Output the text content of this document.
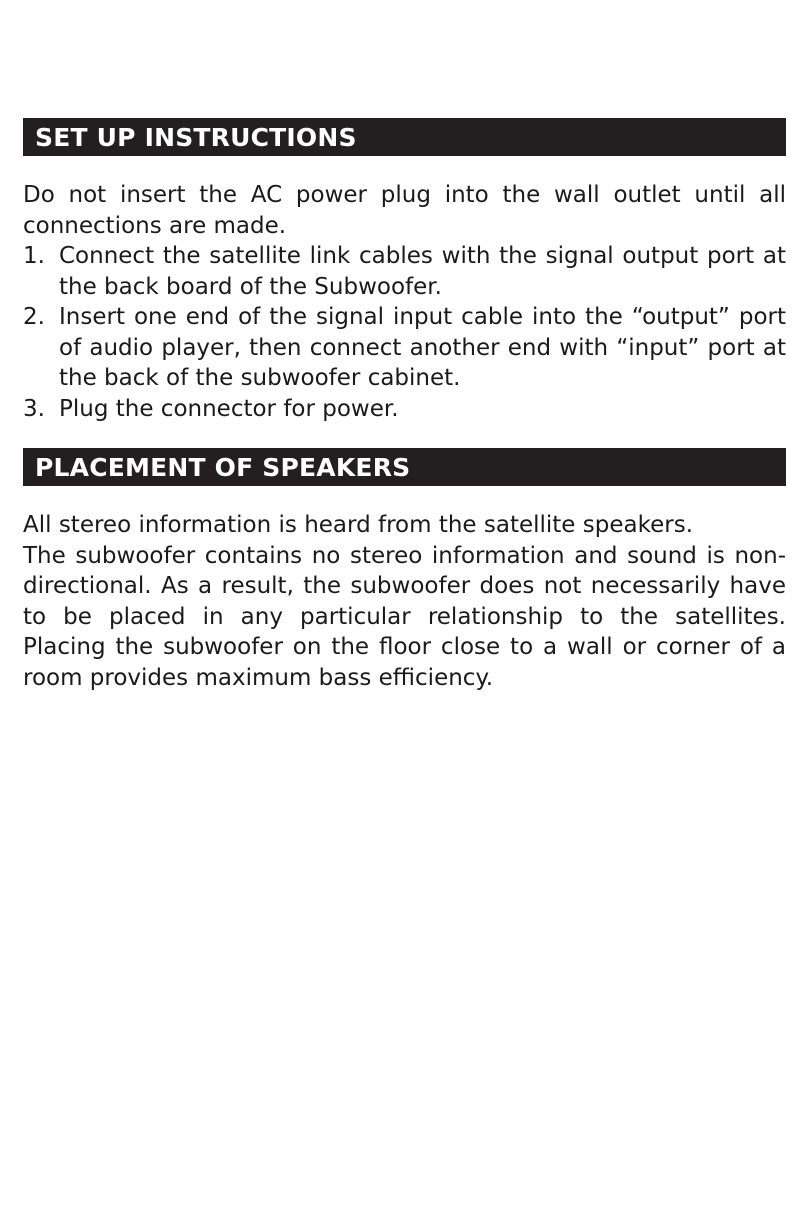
SET UP INSTRUCTIONS

Do not insert the AC power plug into the wall outlet until all connections are made.

1. Connect the satellite link cables with the signal output port at the back board of the Subwoofer.
2. Insert one end of the signal input cable into the “output” port of audio player, then connect another end with “input” port at the back of the subwoofer cabinet.
3. Plug the connector for power.
PLACEMENT OF SPEAKERS

All stereo information is heard from the satellite speakers.

The subwoofer contains no stereo information and sound is non-directional. As a result, the subwoofer does not necessarily have to be placed in any particular relationship to the satellites. Placing the subwoofer on the floor close to a wall or corner of a room provides maximum bass efficiency.
